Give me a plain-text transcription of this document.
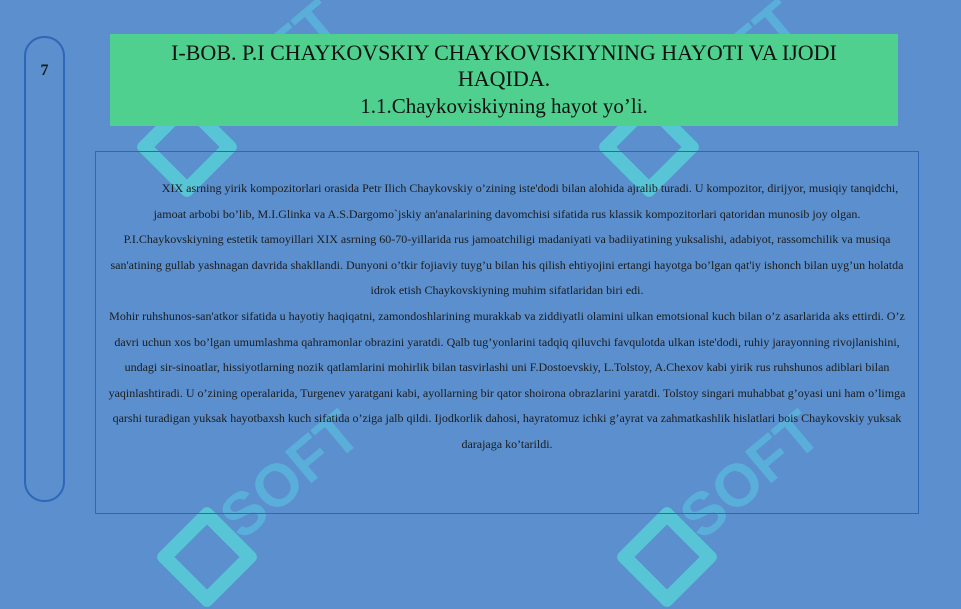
SOFT	SOFT
7
I-BOB. P.I CHAYKOVSKIY CHAYKOVISKIYNING HAYOTI VA IJODI HAQIDA.
1.1.Chaykoviskiyning hayot yo’li.

XIX asrning yirik kompozitorlari orasida Petr Ilich Chaykovskiy o’zining iste'dodi bilan alohida ajralib turadi. U kompozitor, dirijyor, musiqiy tanqidchi, jamoat arbobi bo’lib, M.I.Glinka va A.S.Dargomo`jskiy an'analarining davomchisi sifatida rus klassik kompozitorlari qatoridan munosib joy olgan.

P.I.Chaykovskiyning estetik tamoyillari XIX asrning 60-70-yillarida rus jamoatchiligi madaniyati va badiiyatining yuksalishi, adabiyot, rassomchilik va musiqa san'atining gullab yashnagan davrida shakllandi. Dunyoni o’tkir fojiaviy tuyg’u bilan his qilish ehtiyojini ertangi hayotga bo’lgan qat'iy ishonch bilan uyg’un holatda idrok etish Chaykovskiyning muhim sifatlaridan biri edi.

Mohir ruhshunos-san'atkor sifatida u hayotiy haqiqatni, zamondoshlarining murakkab va ziddiyatli olamini ulkan emotsional kuch bilan o’z asarlarida aks ettirdi. O’z davri uchun xos bo’lgan umumlashma qahramonlar obrazini yaratdi. Qalb tug’yonlarini tadqiq qiluvchi favqulotda ulkan iste'dodi, ruhiy jarayonning rivojlanishini, undagi sir-sinoatlar, hissiyotlarning nozik qatlamlarini mohirlik bilan tasvirlashi uni F.Dostoevskiy, L.Tolstoy, A.Chexov kabi yirik rus ruhshunos adiblari bilan yaqinlashtiradi. U o’zining operalarida, Turgenev yaratgani kabi, ayollarning bir qator shoirona obrazlarini yaratdi. Tolstoy singari muhabbat g’oyasi uni ham o’limga qarshi turadigan yuksak hayotbaxsh kuch sifatida o’ziga jalb qildi. Ijodkorlik dahosi, hayratomuz ichki g’ayrat va zahmatkashlik hislatlari bois Chaykovskiy yuksak darajaga ko’tarildi.
